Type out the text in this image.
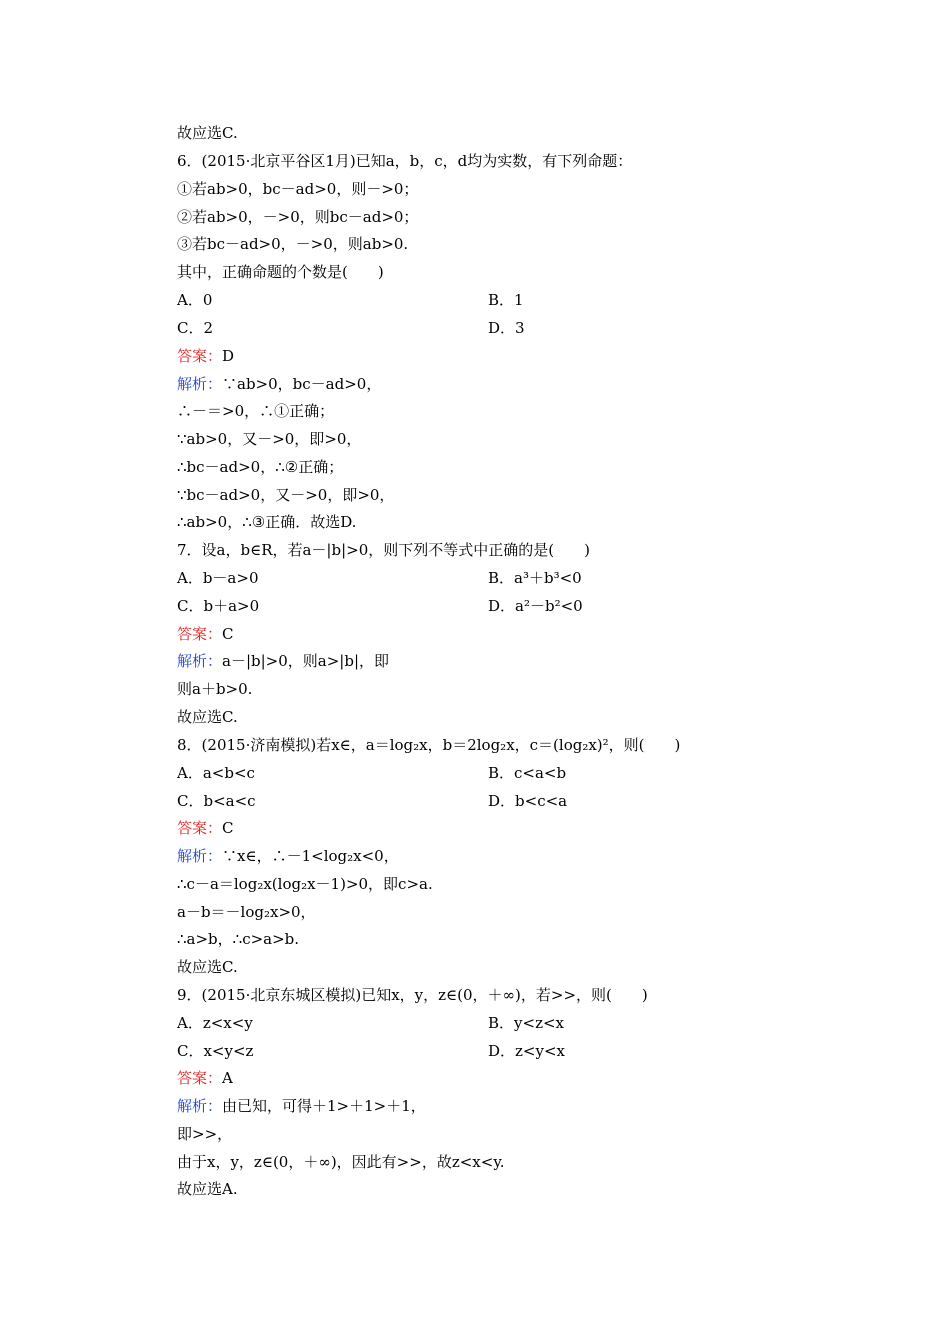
故应选C.

6．(2015·北京平谷区1月)已知a，b，c，d均为实数，有下列命题：

①若ab>0，bc－ad>0，则－>0；

②若ab>0，－>0，则bc－ad>0；

③若bc－ad>0，－>0，则ab>0.

其中，正确命题的个数是(　　)

A．0	B．1

C．2	D．3

答案：D

解析：∵ab>0，bc－ad>0，

∴－＝>0，∴①正确；

∵ab>0，又－>0，即>0，

∴bc－ad>0，∴②正确；

∵bc－ad>0，又－>0，即>0，

∴ab>0，∴③正确．故选D.

7．设a，b∈R，若a－|b|>0，则下列不等式中正确的是(　　)

A．b－a>0	B．a³＋b³<0

C．b＋a>0	D．a²－b²<0

答案：C

解析：a－|b|>0，则a>|b|，即

则a＋b>0.

故应选C.

8．(2015·济南模拟)若x∈，a＝log₂x，b＝2log₂x，c＝(log₂x)²，则(　　)

A．a<b<c	B．c<a<b

C．b<a<c	D．b<c<a

答案：C

解析：∵x∈，∴－1<log₂x<0，

∴c－a＝log₂x(log₂x－1)>0，即c>a.

a－b＝－log₂x>0，

∴a>b，∴c>a>b.

故应选C.

9．(2015·北京东城区模拟)已知x，y，z∈(0，＋∞)，若>>，则(　　)

A．z<x<y	B．y<z<x

C．x<y<z	D．z<y<x

答案：A

解析：由已知，可得＋1>＋1>＋1，

即>>，

由于x，y，z∈(0，＋∞)，因此有>>，故z<x<y.

故应选A.
